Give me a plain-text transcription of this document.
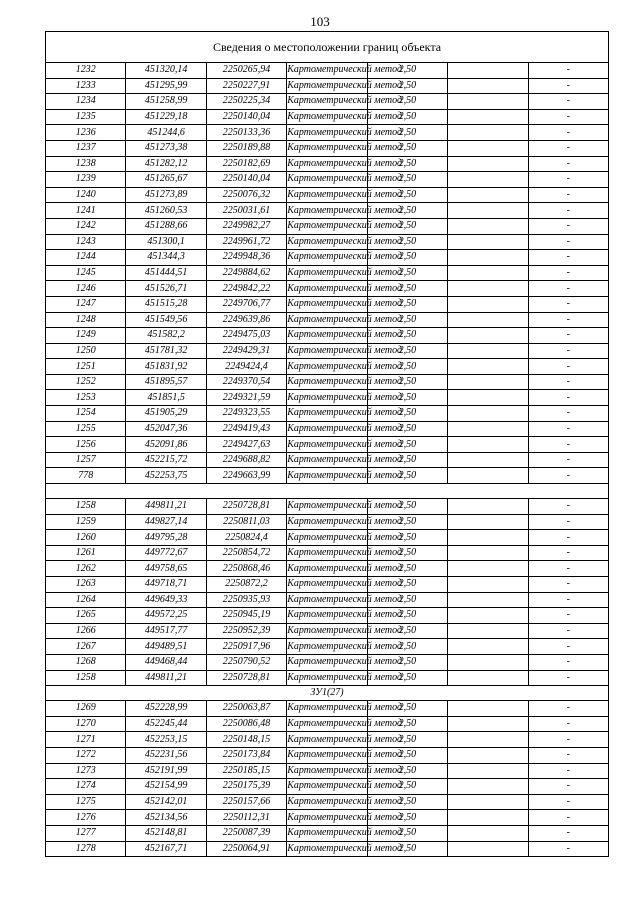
103
Сведения о местоположении границ объекта						
1232	451320,14	2250265,94	Картометрический метод	2,50		-
1233	451295,99	2250227,91	Картометрический метод	2,50		-
1234	451258,99	2250225,34	Картометрический метод	2,50		-
1235	451229,18	2250140,04	Картометрический метод	2,50		-
1236	451244,6	2250133,36	Картометрический метод	2,50		-
1237	451273,38	2250189,88	Картометрический метод	2,50		-
1238	451282,12	2250182,69	Картометрический метод	2,50		-
1239	451265,67	2250140,04	Картометрический метод	2,50		-
1240	451273,89	2250076,32	Картометрический метод	2,50		-
1241	451260,53	2250031,61	Картометрический метод	2,50		-
1242	451288,66	2249982,27	Картометрический метод	2,50		-
1243	451300,1	2249961,72	Картометрический метод	2,50		-
1244	451344,3	2249948,36	Картометрический метод	2,50		-
1245	451444,51	2249884,62	Картометрический метод	2,50		-
1246	451526,71	2249842,22	Картометрический метод	2,50		-
1247	451515,28	2249706,77	Картометрический метод	2,50		-
1248	451549,56	2249639,86	Картометрический метод	2,50		-
1249	451582,2	2249475,03	Картометрический метод	2,50		-
1250	451781,32	2249429,31	Картометрический метод	2,50		-
1251	451831,92	2249424,4	Картометрический метод	2,50		-
1252	451895,57	2249370,54	Картометрический метод	2,50		-
1253	451851,5	2249321,59	Картометрический метод	2,50		-
1254	451905,29	2249323,55	Картометрический метод	2,50		-
1255	452047,36	2249419,43	Картометрический метод	2,50		-
1256	452091,86	2249427,63	Картометрический метод	2,50		-
1257	452215,72	2249688,82	Картометрический метод	2,50		-
778	452253,75	2249663,99	Картометрический метод	2,50		-

1258	449811,21	2250728,81	Картометрический метод	2,50		-
1259	449827,14	2250811,03	Картометрический метод	2,50		-
1260	449795,28	2250824,4	Картометрический метод	2,50		-
1261	449772,67	2250854,72	Картометрический метод	2,50		-
1262	449758,65	2250868,46	Картометрический метод	2,50		-
1263	449718,71	2250872,2	Картометрический метод	2,50		-
1264	449649,33	2250935,93	Картометрический метод	2,50		-
1265	449572,25	2250945,19	Картометрический метод	2,50		-
1266	449517,77	2250952,39	Картометрический метод	2,50		-
1267	449489,51	2250917,96	Картометрический метод	2,50		-
1268	449468,44	2250790,52	Картометрический метод	2,50		-
1258	449811,21	2250728,81	Картометрический метод	2,50		-
ЗУ1(27)						
1269	452228,99	2250063,87	Картометрический метод	2,50		-
1270	452245,44	2250086,48	Картометрический метод	2,50		-
1271	452253,15	2250148,15	Картометрический метод	2,50		-
1272	452231,56	2250173,84	Картометрический метод	2,50		-
1273	452191,99	2250185,15	Картометрический метод	2,50		-
1274	452154,99	2250175,39	Картометрический метод	2,50		-
1275	452142,01	2250157,66	Картометрический метод	2,50		-
1276	452134,56	2250112,31	Картометрический метод	2,50		-
1277	452148,81	2250087,39	Картометрический метод	2,50		-
1278	452167,71	2250064,91	Картометрический метод	2,50		-
